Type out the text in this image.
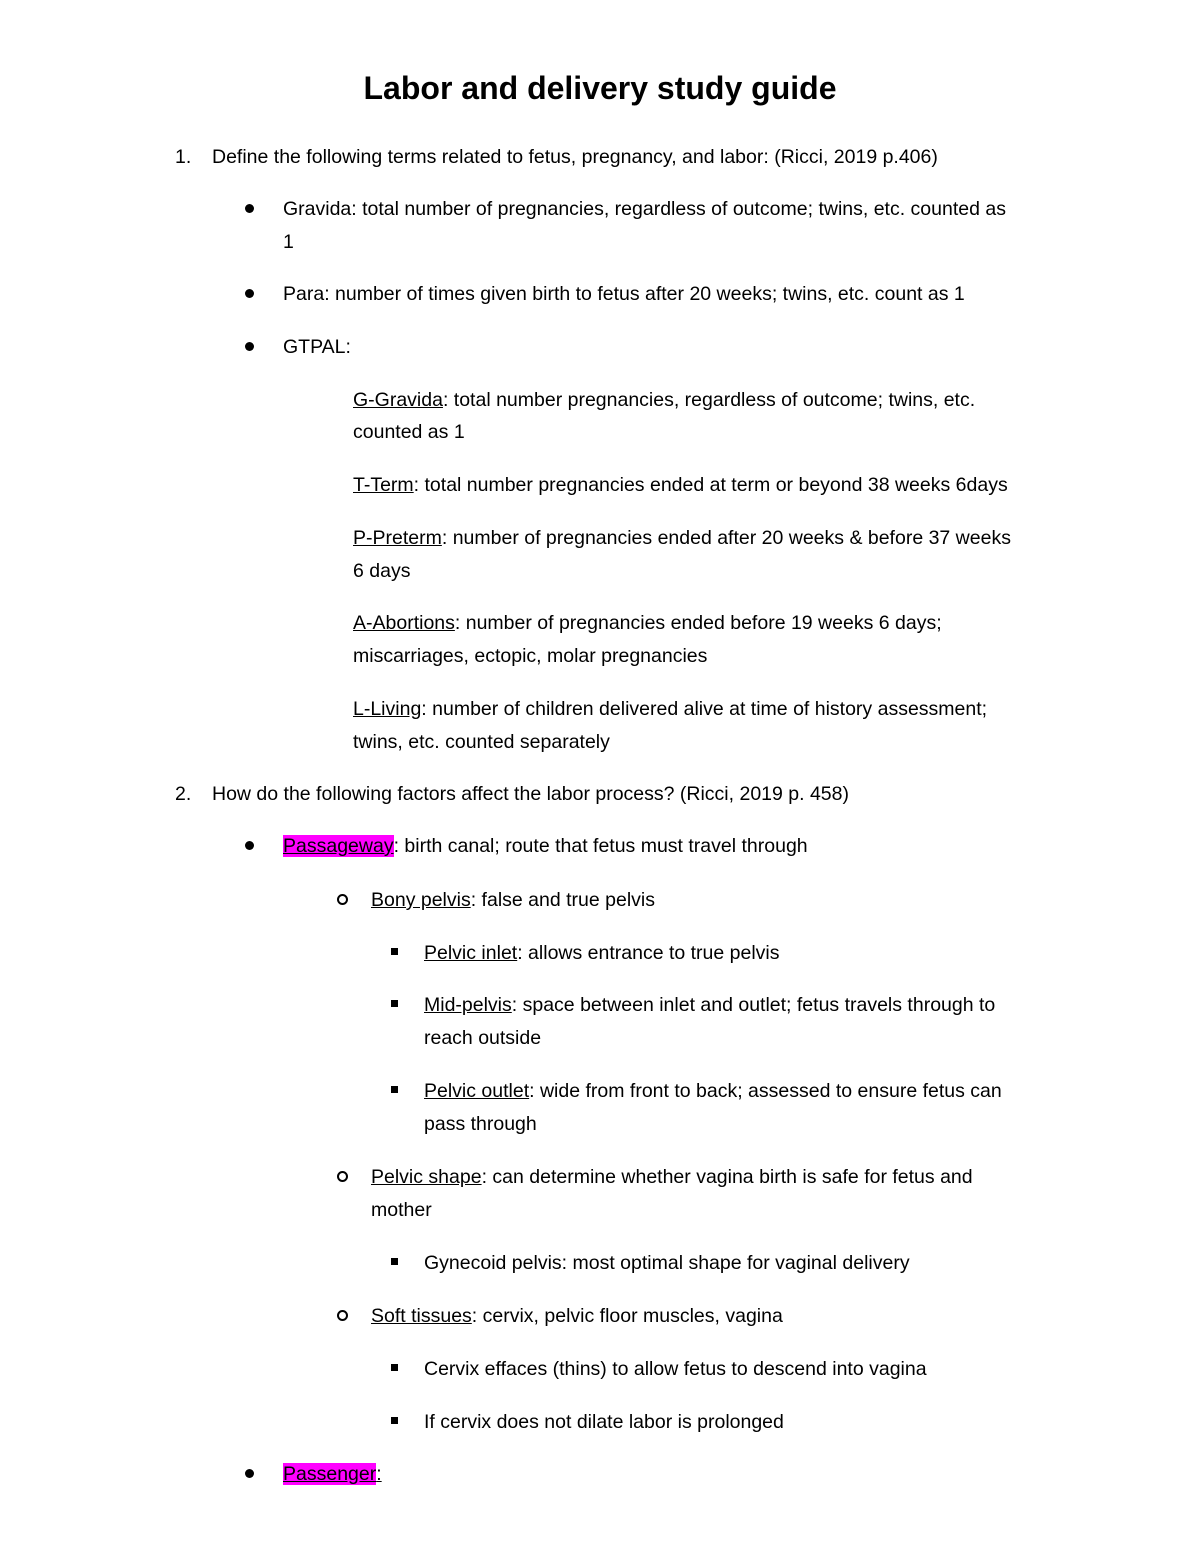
Labor and delivery study guide
1. Define the following terms related to fetus, pregnancy, and labor: (Ricci, 2019 p.406)
Gravida: total number of pregnancies, regardless of outcome; twins, etc. counted as
1
Para: number of times given birth to fetus after 20 weeks; twins, etc. count as 1
GTPAL:
G-Gravida: total number pregnancies, regardless of outcome; twins, etc.
counted as 1
T-Term: total number pregnancies ended at term or beyond 38 weeks 6days
P-Preterm: number of pregnancies ended after 20 weeks & before 37 weeks
6 days
A-Abortions: number of pregnancies ended before 19 weeks 6 days;
miscarriages, ectopic, molar pregnancies
L-Living: number of children delivered alive at time of history assessment;
twins, etc. counted separately
2. How do the following factors affect the labor process? (Ricci, 2019 p. 458)
Passageway: birth canal; route that fetus must travel through
Bony pelvis: false and true pelvis
Pelvic inlet: allows entrance to true pelvis
Mid-pelvis: space between inlet and outlet; fetus travels through to
reach outside
Pelvic outlet: wide from front to back; assessed to ensure fetus can
pass through
Pelvic shape: can determine whether vagina birth is safe for fetus and
mother
Gynecoid pelvis: most optimal shape for vaginal delivery
Soft tissues: cervix, pelvic floor muscles, vagina
Cervix effaces (thins) to allow fetus to descend into vagina
If cervix does not dilate labor is prolonged
Passenger:
